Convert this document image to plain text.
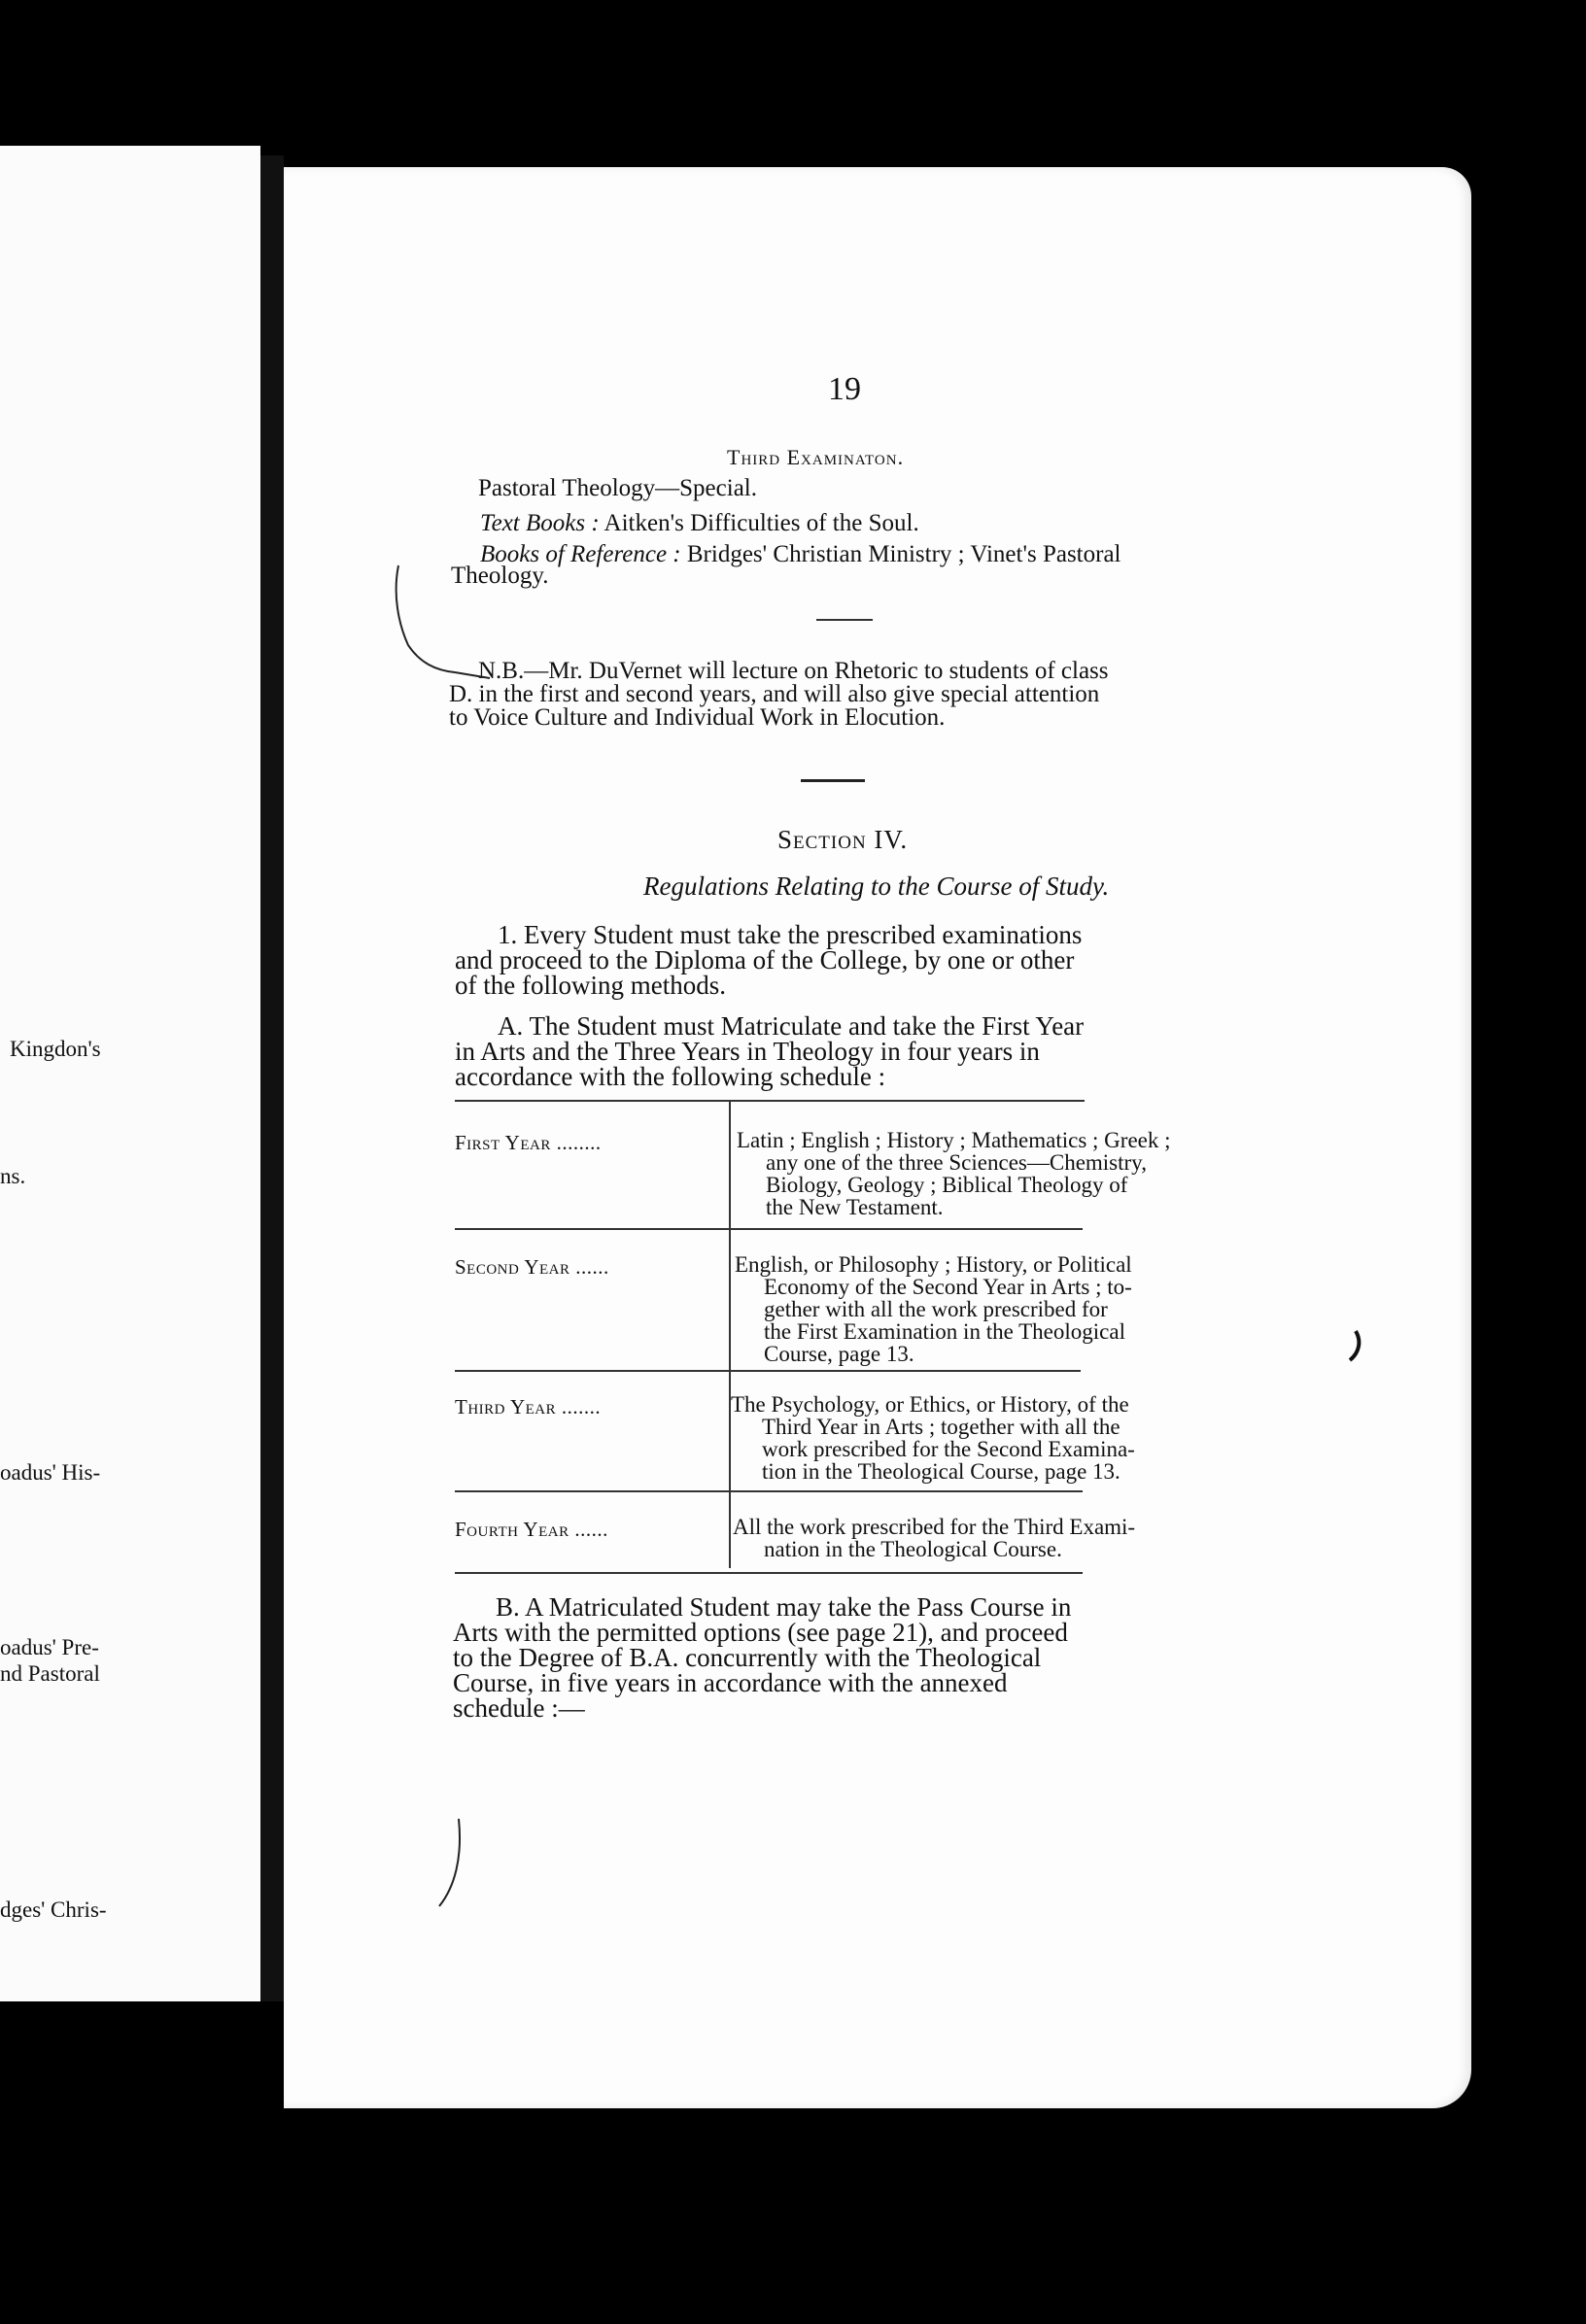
Kingdon's
ns.
oadus' His-
oadus' Pre-
nd Pastoral
dges' Chris-
19
Third Examinaton.
Pastoral Theology—Special.
Text Books : Aitken's Difficulties of the Soul.
Books of Reference : Bridges' Christian Ministry ; Vinet's Pastoral
Theology.
N.B.—Mr. DuVernet will lecture on Rhetoric to students of class
D. in the first and second years, and will also give special attention
to Voice Culture and Individual Work in Elocution.
Section IV.
Regulations Relating to the Course of Study.
1. Every Student must take the prescribed examinations
and proceed to the Diploma of the College, by one or other
of the following methods.
A. The Student must Matriculate and take the First Year
in Arts and the Three Years in Theology in four years in
accordance with the following schedule :
First Year ........	Latin ; English ; History ; Mathematics ; Greek ;
any one of the three Sciences—Chemistry,
Biology, Geology ; Biblical Theology of
the New Testament.
Second Year ......	English, or Philosophy ; History, or Political
Economy of the Second Year in Arts ; to-
gether with all the work prescribed for
the First Examination in the Theological
Course, page 13.
Third Year .......	The Psychology, or Ethics, or History, of the
Third Year in Arts ; together with all the
work prescribed for the Second Examina-
tion in the Theological Course, page 13.
Fourth Year ......	All the work prescribed for the Third Exami-
nation in the Theological Course.
B. A Matriculated Student may take the Pass Course in
Arts with the permitted options (see page 21), and proceed
to the Degree of B.A. concurrently with the Theological
Course, in five years in accordance with the annexed
schedule :—
